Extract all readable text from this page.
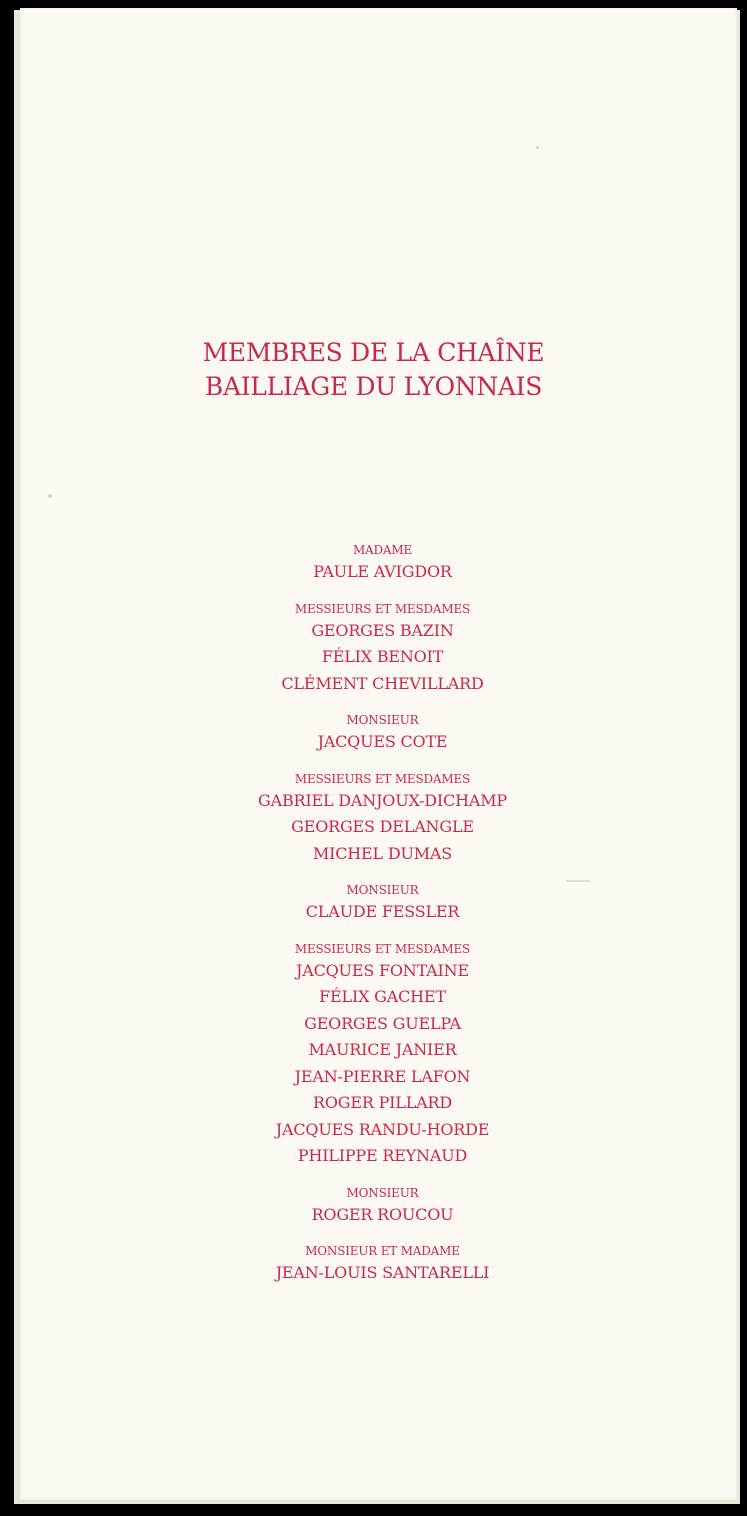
MEMBRES DE LA CHAÎNE
BAILLIAGE DU LYONNAIS
MADAME
PAULE AVIGDOR
MESSIEURS ET MESDAMES
GEORGES BAZIN
FÉLIX BENOIT
CLÉMENT CHEVILLARD
MONSIEUR
JACQUES COTE
MESSIEURS ET MESDAMES
GABRIEL DANJOUX-DICHAMP
GEORGES DELANGLE
MICHEL DUMAS
MONSIEUR
CLAUDE FESSLER
MESSIEURS ET MESDAMES
JACQUES FONTAINE
FÉLIX GACHET
GEORGES GUELPA
MAURICE JANIER
JEAN-PIERRE LAFON
ROGER PILLARD
JACQUES RANDU-HORDE
PHILIPPE REYNAUD
MONSIEUR
ROGER ROUCOU
MONSIEUR ET MADAME
JEAN-LOUIS SANTARELLI
